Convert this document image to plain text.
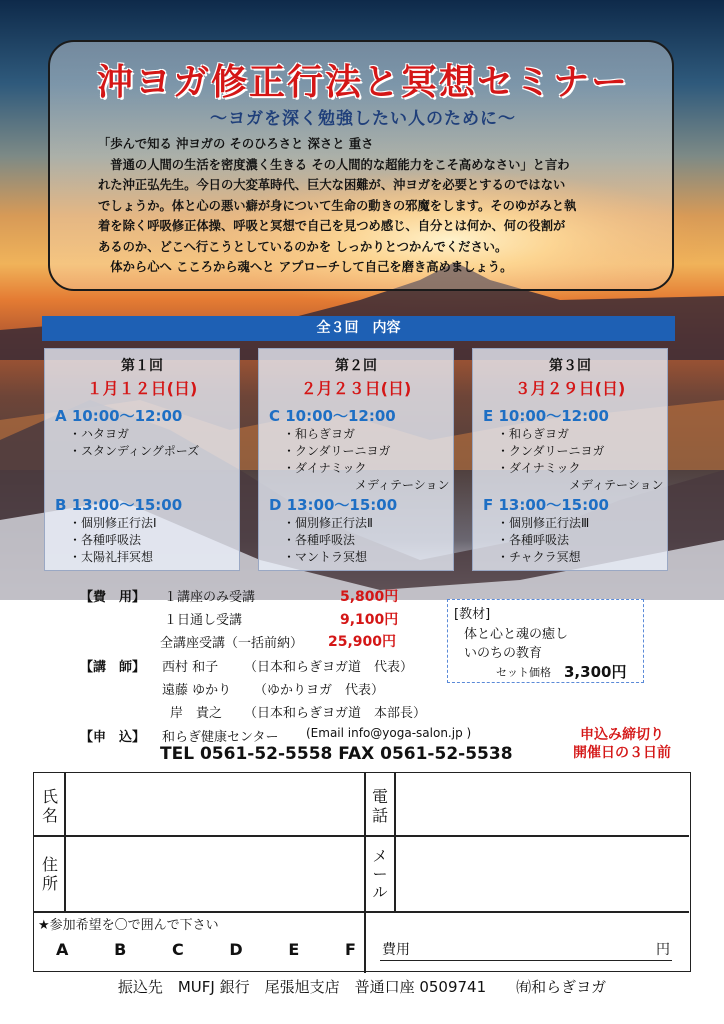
沖ヨガ修正行法と冥想セミナー
～ヨガを深く勉強したい人のために～

「歩んで知る 沖ヨガの そのひろさと 深さと 重さ

　普通の人間の生活を密度濃く生きる その人間的な超能力をこそ高めなさい」と言わ

れた沖正弘先生。今日の大変革時代、巨大な困難が、沖ヨガを必要とするのではない

でしょうか。体と心の悪い癖が身について生命の動きの邪魔をします。そのゆがみと執

着を除く呼吸修正体操、呼吸と冥想で自己を見つめ感じ、自分とは何か、何の役割が

あるのか、どこへ行こうとしているのかを しっかりとつかんでください。

　体から心へ こころから魂へと アプローチして自己を磨き高めましょう。

全３回　内容
第１回
１月１２日(日)
A 10:00～12:00
・ハタヨガ
・スタンディングポーズ
B 13:00～15:00
・個別修正行法Ⅰ
・各種呼吸法
・太陽礼拝冥想
第２回
２月２３日(日)
C 10:00～12:00
・和らぎヨガ
・クンダリーニヨガ
・ダイナミック
メディテーション
D 13:00～15:00
・個別修正行法Ⅱ
・各種呼吸法
・マントラ冥想
第３回
３月２９日(日)
E 10:00～12:00
・和らぎヨガ
・クンダリーニヨガ
・ダイナミック
メディテーション
F 13:00～15:00
・個別修正行法Ⅲ
・各種呼吸法
・チャクラ冥想
【費　用】 １講座のみ受講	5,800円
１日通し受講	9,100円
全講座受講（一括前納） 25,900円
【講　師】 西村 和子 （日本和らぎヨガ道　代表）
遠藤 ゆかり （ゆかりヨガ　代表）
岸　貴之 （日本和らぎヨガ道　本部長）
【申　込】 和らぎ健康センター (Email info@yoga-salon.jp )
TEL 0561-52-5558 FAX 0561-52-5538
[教材]
体と心と魂の癒し
いのちの教育
セット価格 3,300円
申込み締切り
開催日の３日前
氏名
電話
住所
メール
★参加希望を〇で囲んで下さい
A	B	C	D	E	F 費用	円
振込先　MUFJ 銀行　尾張旭支店　普通口座 0509741　　㈲和らぎヨガ
